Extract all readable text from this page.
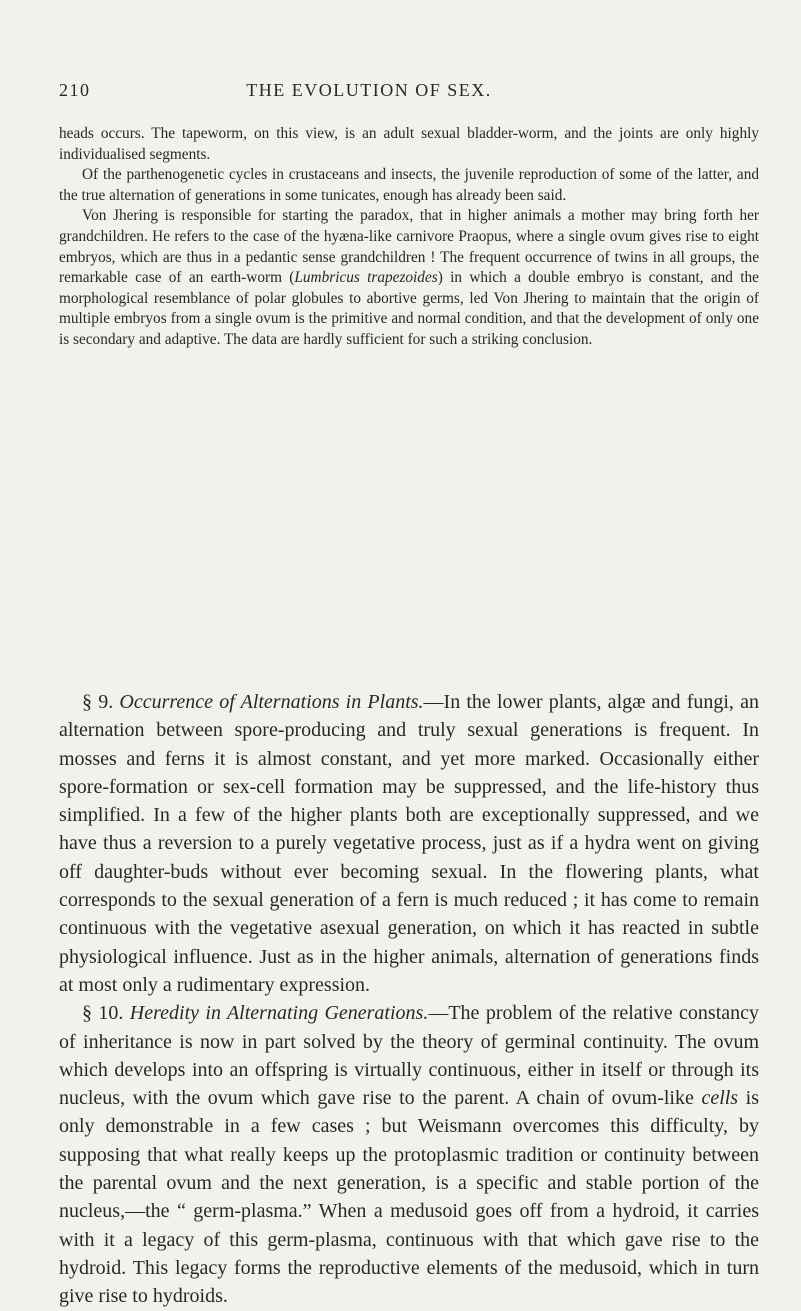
210	THE EVOLUTION OF SEX.

heads occurs. The tapeworm, on this view, is an adult sexual bladder-worm, and the joints are only highly individualised segments.

Of the parthenogenetic cycles in crustaceans and insects, the juvenile reproduction of some of the latter, and the true alternation of generations in some tunicates, enough has already been said.

Von Jhering is responsible for starting the paradox, that in higher animals a mother may bring forth her grandchildren. He refers to the case of the hyæna-like carnivore Praopus, where a single ovum gives rise to eight embryos, which are thus in a pedantic sense grandchildren ! The frequent occurrence of twins in all groups, the remarkable case of an earth-worm (Lumbricus trapezoides) in which a double embryo is constant, and the morphological resemblance of polar globules to abortive germs, led Von Jhering to maintain that the origin of multiple embryos from a single ovum is the primitive and normal condition, and that the development of only one is secondary and adaptive. The data are hardly sufficient for such a striking conclusion.

§ 9. Occurrence of Alternations in Plants.—In the lower plants, algæ and fungi, an alternation between spore-producing and truly sexual generations is frequent. In mosses and ferns it is almost constant, and yet more marked. Occasionally either spore-formation or sex-cell formation may be suppressed, and the life-history thus simplified. In a few of the higher plants both are exceptionally suppressed, and we have thus a reversion to a purely vegetative process, just as if a hydra went on giving off daughter-buds without ever becoming sexual. In the flowering plants, what corresponds to the sexual generation of a fern is much reduced ; it has come to remain continuous with the vegetative asexual generation, on which it has reacted in subtle physiological influence. Just as in the higher animals, alternation of generations finds at most only a rudimentary expression.

§ 10. Heredity in Alternating Generations.—The problem of the relative constancy of inheritance is now in part solved by the theory of germinal continuity. The ovum which develops into an offspring is virtually continuous, either in itself or through its nucleus, with the ovum which gave rise to the parent. A chain of ovum-like cells is only demonstrable in a few cases ; but Weismann overcomes this difficulty, by supposing that what really keeps up the protoplasmic tradition or continuity between the parental ovum and the next generation, is a specific and stable portion of the nucleus,—the “ germ-plasma.” When a medusoid goes off from a hydroid, it carries with it a legacy of this germ-plasma, continuous with that which gave rise to the hydroid. This legacy forms the reproductive elements of the medusoid, which in turn give rise to hydroids.
